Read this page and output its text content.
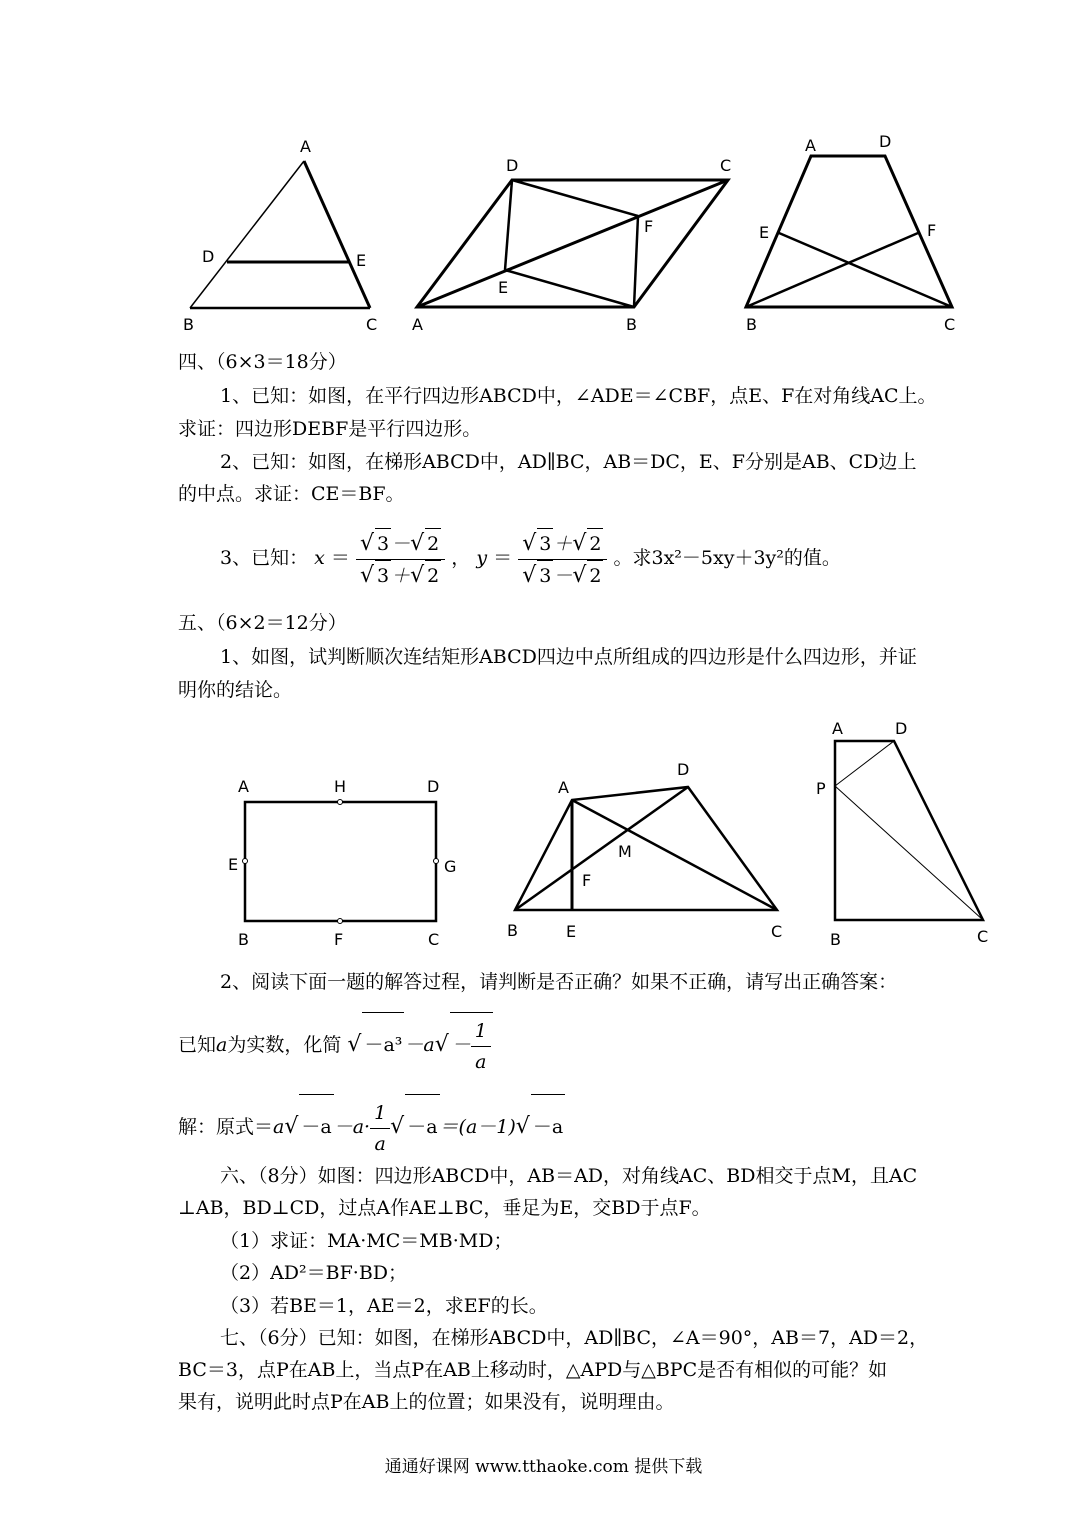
A
D	E
B	C
D	C
F
E
A	B
A	D
E	F
B	C
四、（6×3＝18分）
1、已知：如图，在平行四边形ABCD中，∠ADE＝∠CBF，点E、F在对角线AC上。
求证：四边形DEBF是平行四边形。
2、已知：如图，在梯形ABCD中，AD∥BC，AB＝DC，E、F分别是AB、CD边上
的中点。求证：CE＝BF。
3、已知： $x = \frac{√ 3 -√ 2}{√ 3 +√ 2}$ ， $y = \frac{√ 3 +√ 2}{√ 3 -√ 2}$ 。求3x²－5xy＋3y²的值。
五、（6×2＝12分）
1、如图，试判断顺次连结矩形ABCD四边中点所组成的四边形是什么四边形，并证
明你的结论。
A	H	D
E	G
B	F	C
A
D
M
F
B	E	C
A	D
P
B	C
2、阅读下面一题的解答过程，请判断是否正确？如果不正确，请写出正确答案：
已知a为实数，化简 √ $-a^3 -a√ - \frac{1}{a}$
解：原式$=a√ -a -a\cdot \frac{1}{a}$ √ －a ＝(a－1)√ －a
六、（8分）如图：四边形ABCD中，AB＝AD，对角线AC、BD相交于点M，且AC
⊥AB，BD⊥CD，过点A作AE⊥BC，垂足为E，交BD于点F。
（1）求证：MA·MC＝MB·MD；
（2）AD²＝BF·BD；
（3）若BE＝1，AE＝2，求EF的长。
七、（6分）已知：如图，在梯形ABCD中，AD∥BC，∠A＝90°，AB＝7，AD＝2，
BC＝3，点P在AB上，当点P在AB上移动时，△APD与△BPC是否有相似的可能？如
果有，说明此时点P在AB上的位置；如果没有，说明理由。
通通好课网 www.tthaoke.com 提供下载
